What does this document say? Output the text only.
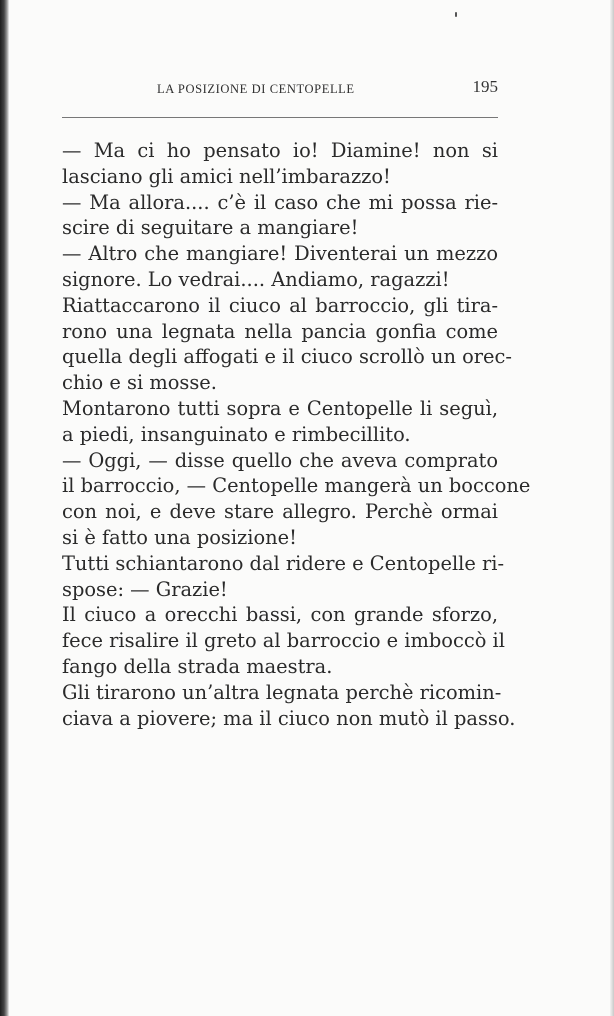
LA POSIZIONE DI CENTOPELLE	195
— Ma ci ho pensato io! Diamine! non si
lasciano gli amici nell’imbarazzo!
— Ma allora.... c’è il caso che mi possa rie-
scire di seguitare a mangiare!
— Altro che mangiare! Diventerai un mezzo
signore. Lo vedrai.... Andiamo, ragazzi!
Riattaccarono il ciuco al barroccio, gli tira-
rono una legnata nella pancia gonfia come
quella degli affogati e il ciuco scrollò un orec-
chio e si mosse.
Montarono tutti sopra e Centopelle li seguì,
a piedi, insanguinato e rimbecillito.
— Oggi, — disse quello che aveva comprato
il barroccio, — Centopelle mangerà un boccone
con noi, e deve stare allegro. Perchè ormai
si è fatto una posizione!
Tutti schiantarono dal ridere e Centopelle ri-
spose: — Grazie!
Il ciuco a orecchi bassi, con grande sforzo,
fece risalire il greto al barroccio e imboccò il
fango della strada maestra.
Gli tirarono un’altra legnata perchè ricomin-
ciava a piovere; ma il ciuco non mutò il passo.
